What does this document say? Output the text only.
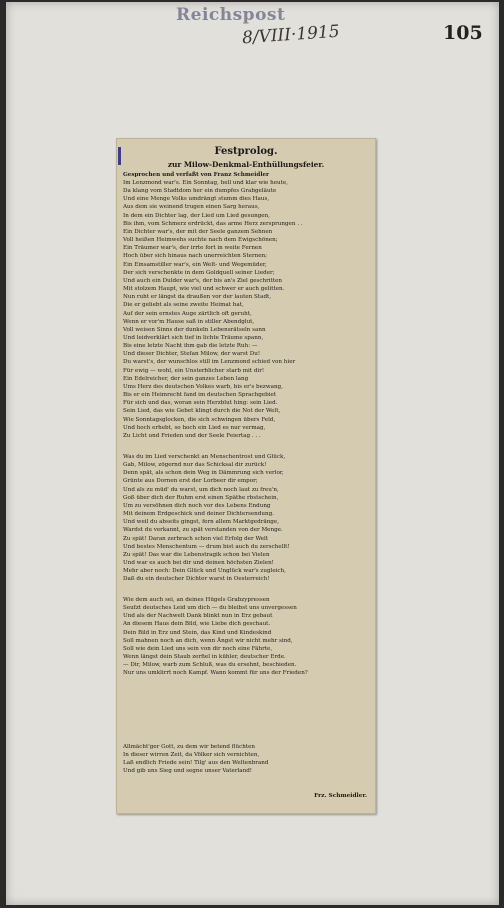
Reichspost
8/VIII·1915	105
Festprolog.
zur Milow-Denkmal-Enthüllungsfeier.
Gesprochen und verfaßt von Franz Schmeidler
Im Lenzmond war's. Ein Sonntag, hell und klar wie heute,
Da klang vom Stadtdom her ein dumpfes Grabgeläute
Und eine Menge Volks umdrängt stumm dies Haus,
Aus dem sie weinend trugen einen Sarg heraus,
In dem ein Dichter lag, der Lied um Lied gesungen,
Bis ihm, vom Schmerz erdrückt, das arme Herz zersprungen . .
Ein Dichter war's, der mit der Seele ganzem Sehnen
Voll heißen Heimwehs suchte nach dem Ewigschönen;
Ein Träumer war's, der irrte fort in weite Fernen
Hoch über sich hinaus nach unerreichten Sternen;
Ein Einsamstiller war's, ein Welt- und Wegemüder,
Der sich verschenkte in dem Goldquell seiner Lieder;
Und auch ein Dulder war's, der bis an's Ziel geschritten
Mit stolzem Haupt, wie viel und schwer er auch gelitten.
Nun ruht er längst da draußen vor der lauten Stadt,
Die er geliebt als seine zweite Heimat hat,
Auf der sein ernstes Auge zärtlich oft geruht,
Wenn er vor'm Hause saß in stiller Abendglut,
Voll weisen Sinns der dunkeln Lebensrätseln sann
Und leidverklärt sich tief in lichte Träume spann,
Bis eine letzte Nacht ihm gab die letzte Ruh: —
Und dieser Dichter, Stefan Milow, der warst Du!
Du warst's, der wunschlos still im Lenzmond schied von hier
Für ewig — wohl, ein Unsterblicher starb mit dir!
Ein Edelreicher, der sein ganzes Leben lang
Ums Herz des deutschen Volkes warb, bis er's bezwang,
Bis er ein Heimrecht fand im deutschen Sprachgebiet
Für sich und das, woran sein Herzblut hing: sein Lied.
Sein Lied, das wie Gebet klingt durch die Not der Welt,
Wie Sonntagsglocken, die sich schwingen übers Feld,
Und hoch erhebt, so hoch ein Lied es nur vermag,
Zu Licht und Frieden und der Seele Feiertag . . .
Was du im Lied verschenkt an Menschentrost und Glück,
Gab, Milow, zögernd nur das Schicksal dir zurück!
Denn spät, als schon dein Weg in Dämmrung sich verlor,
Grünte aus Dornen erst der Lorbeer dir empor;
Und als zu müd' du warst, um dich noch laut zu freu'n,
Goß über dich der Ruhm erst einen Späthe rbstschein,
Um zu versöhnen dich noch vor des Lebens Endung
Mit deinem Erdgeschick und deiner Dichtersendung.
Und weil du abseits gingst, fern allem Marktgedränge,
Wardst du verkannt, zu spät verstanden von der Menge.
Zu spät! Daran zerbrach schon viel Erfolg der Welt
Und bestes Menschentum — drum bist auch du zerschellt!
Zu spät! Das war die Lebenstragik schon bei Vielen
Und war es auch bei dir und deinen höchsten Zielen!
Mehr aber noch: Dein Glück und Unglück war's zugleich,
Daß du ein deutscher Dichter warst in Oesterreich!
Wie dem auch sei, an deines Hügels Grabzypressen
Seufzt deutsches Leid um dich — du bleibst uns unvergessen
Und als der Nachwelt Dank blinkt nun in Erz gebaut
An diesem Haus dein Bild, wie Liebe dich geschaut.
Dein Bild in Erz und Stein, das Kind und Kindeskind
Soll mahnen noch an dich, wenn Ängst wir nicht mehr sind,
Soll wie dein Lied uns sein von dir noch eine Fährte,
Wenn längst dein Staub zerfiel in kühler, deutscher Erde.
— Dir, Milow, warb zum Schluß, was du ersehnt, beschieden.
Nur uns umklirrt noch Kampf. Wann kommt für uns der Frieden?
Allmächt'ger Gott, zu dem wir betend flüchten
In dieser wirren Zeit, da Völker sich vernichten,
Laß endlich Friede sein! Tilg' aus den Weltenbrand
Und gib uns Sieg und segne unser Vaterland!
Frz. Schmeidler.
